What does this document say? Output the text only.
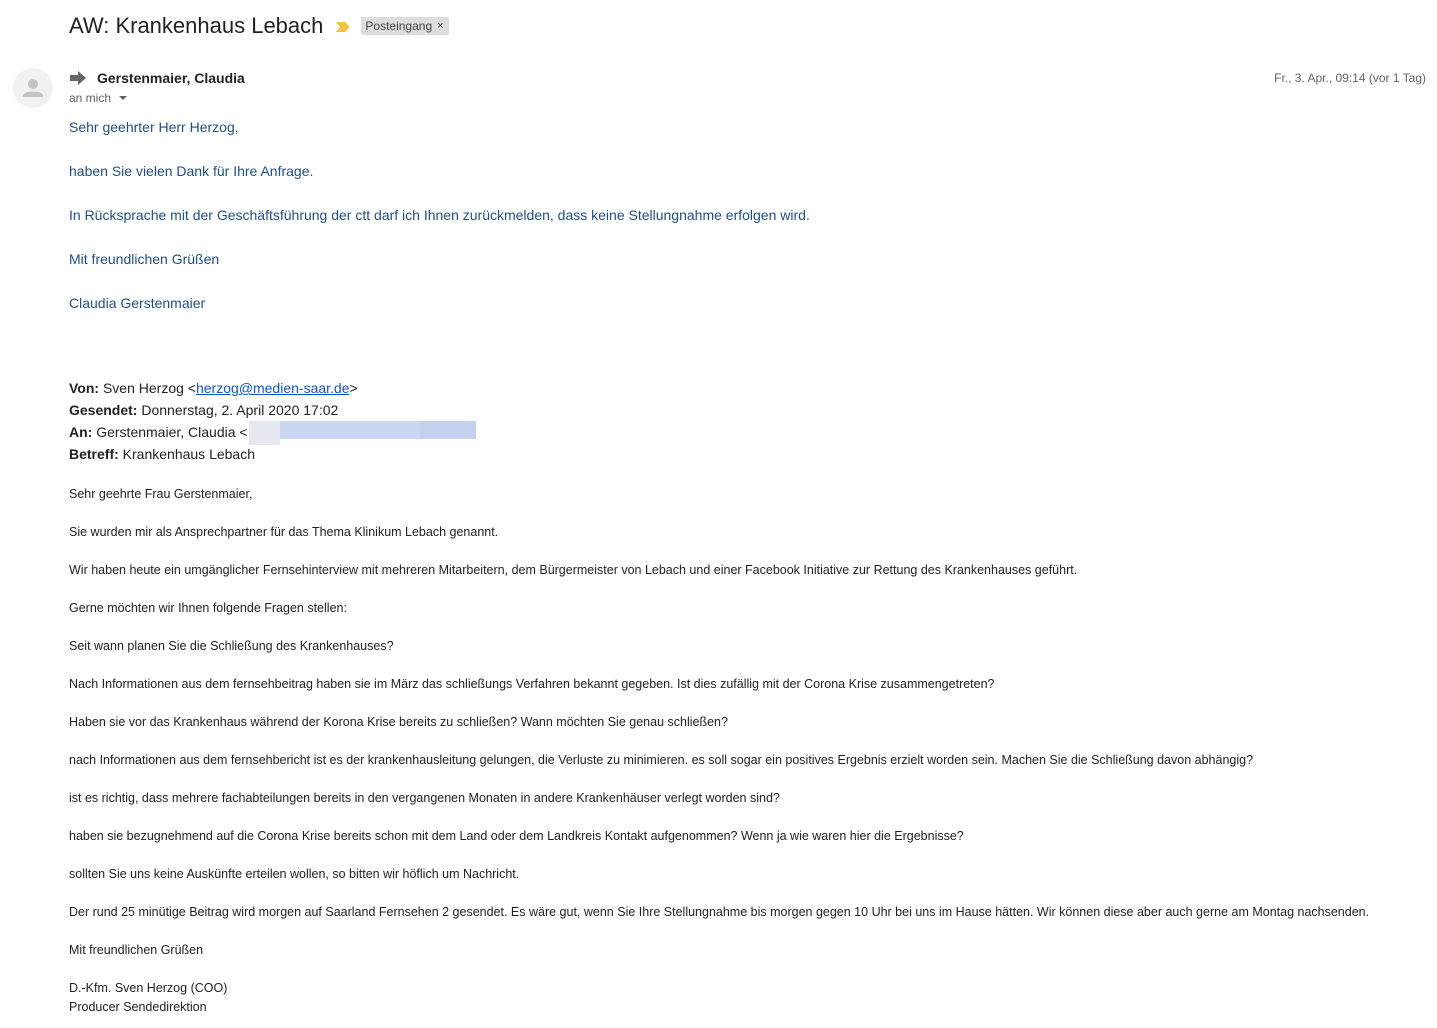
AW: Krankenhaus Lebach	Posteingang ×
Gerstenmaier, Claudia	Fr., 3. Apr., 09:14 (vor 1 Tag)
an mich

Sehr geehrter Herr Herzog,

haben Sie vielen Dank für Ihre Anfrage.

In Rücksprache mit der Geschäftsführung der ctt darf ich Ihnen zurückmelden, dass keine Stellungnahme erfolgen wird.

Mit freundlichen Grüßen

Claudia Gerstenmaier

Von: Sven Herzog <herzog@medien-saar.de>
Gesendet: Donnerstag, 2. April 2020 17:02
An: Gerstenmaier, Claudia <
Betreff: Krankenhaus Lebach

Sehr geehrte Frau Gerstenmaier,

Sie wurden mir als Ansprechpartner für das Thema Klinikum Lebach genannt.

Wir haben heute ein umgänglicher Fernsehinterview mit mehreren Mitarbeitern, dem Bürgermeister von Lebach und einer Facebook Initiative zur Rettung des Krankenhauses geführt.

Gerne möchten wir Ihnen folgende Fragen stellen:

Seit wann planen Sie die Schließung des Krankenhauses?

Nach Informationen aus dem fernsehbeitrag haben sie im März das schließungs Verfahren bekannt gegeben. Ist dies zufällig mit der Corona Krise zusammengetreten?

Haben sie vor das Krankenhaus während der Korona Krise bereits zu schließen? Wann möchten Sie genau schließen?

nach Informationen aus dem fernsehbericht ist es der krankenhausleitung gelungen, die Verluste zu minimieren. es soll sogar ein positives Ergebnis erzielt worden sein. Machen Sie die Schließung davon abhängig?

ist es richtig, dass mehrere fachabteilungen bereits in den vergangenen Monaten in andere Krankenhäuser verlegt worden sind?

haben sie bezugnehmend auf die Corona Krise bereits schon mit dem Land oder dem Landkreis Kontakt aufgenommen? Wenn ja wie waren hier die Ergebnisse?

sollten Sie uns keine Auskünfte erteilen wollen, so bitten wir höflich um Nachricht.

Der rund 25 minütige Beitrag wird morgen auf Saarland Fernsehen 2 gesendet. Es wäre gut, wenn Sie Ihre Stellungnahme bis morgen gegen 10 Uhr bei uns im Hause hätten. Wir können diese aber auch gerne am Montag nachsenden.

Mit freundlichen Grüßen

D.-Kfm. Sven Herzog (COO)

Producer Sendedirektion
